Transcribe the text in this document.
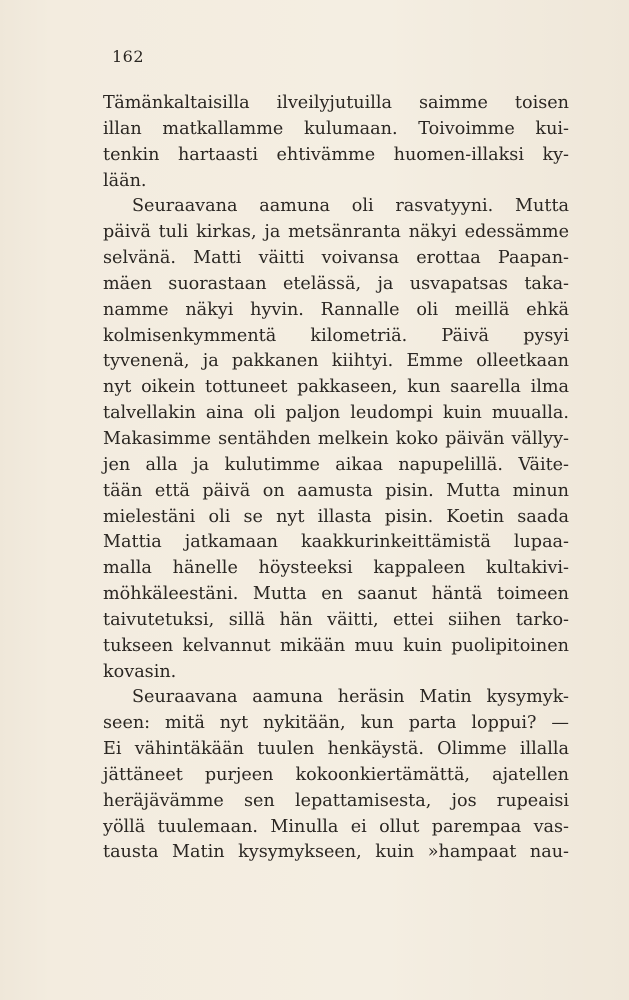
162
Tämänkaltaisilla ilveilyjutuilla saimme toisen
illan matkallamme kulumaan. Toivoimme kui-
tenkin hartaasti ehtivämme huomen-illaksi ky-
lään.
Seuraavana aamuna oli rasvatyyni. Mutta
päivä tuli kirkas, ja metsänranta näkyi edessämme
selvänä. Matti väitti voivansa erottaa Paapan-
mäen suorastaan etelässä, ja usvapatsas taka-
namme näkyi hyvin. Rannalle oli meillä ehkä
kolmisenkymmentä kilometriä. Päivä pysyi
tyvenenä, ja pakkanen kiihtyi. Emme olleetkaan
nyt oikein tottuneet pakkaseen, kun saarella ilma
talvellakin aina oli paljon leudompi kuin muualla.
Makasimme sentähden melkein koko päivän vällyy-
jen alla ja kulutimme aikaa napupelillä. Väite-
tään että päivä on aamusta pisin. Mutta minun
mielestäni oli se nyt illasta pisin. Koetin saada
Mattia jatkamaan kaakkurinkeittämistä lupaa-
malla hänelle höysteeksi kappaleen kultakivi-
möhkäleestäni. Mutta en saanut häntä toimeen
taivutetuksi, sillä hän väitti, ettei siihen tarko-
tukseen kelvannut mikään muu kuin puolipitoinen
kovasin.
Seuraavana aamuna heräsin Matin kysymyk-
seen: mitä nyt nykitään, kun parta loppui? —
Ei vähintäkään tuulen henkäystä. Olimme illalla
jättäneet purjeen kokoonkiertämättä, ajatellen
heräjävämme sen lepattamisesta, jos rupeaisi
yöllä tuulemaan. Minulla ei ollut parempaa vas-
tausta Matin kysymykseen, kuin »hampaat nau-
